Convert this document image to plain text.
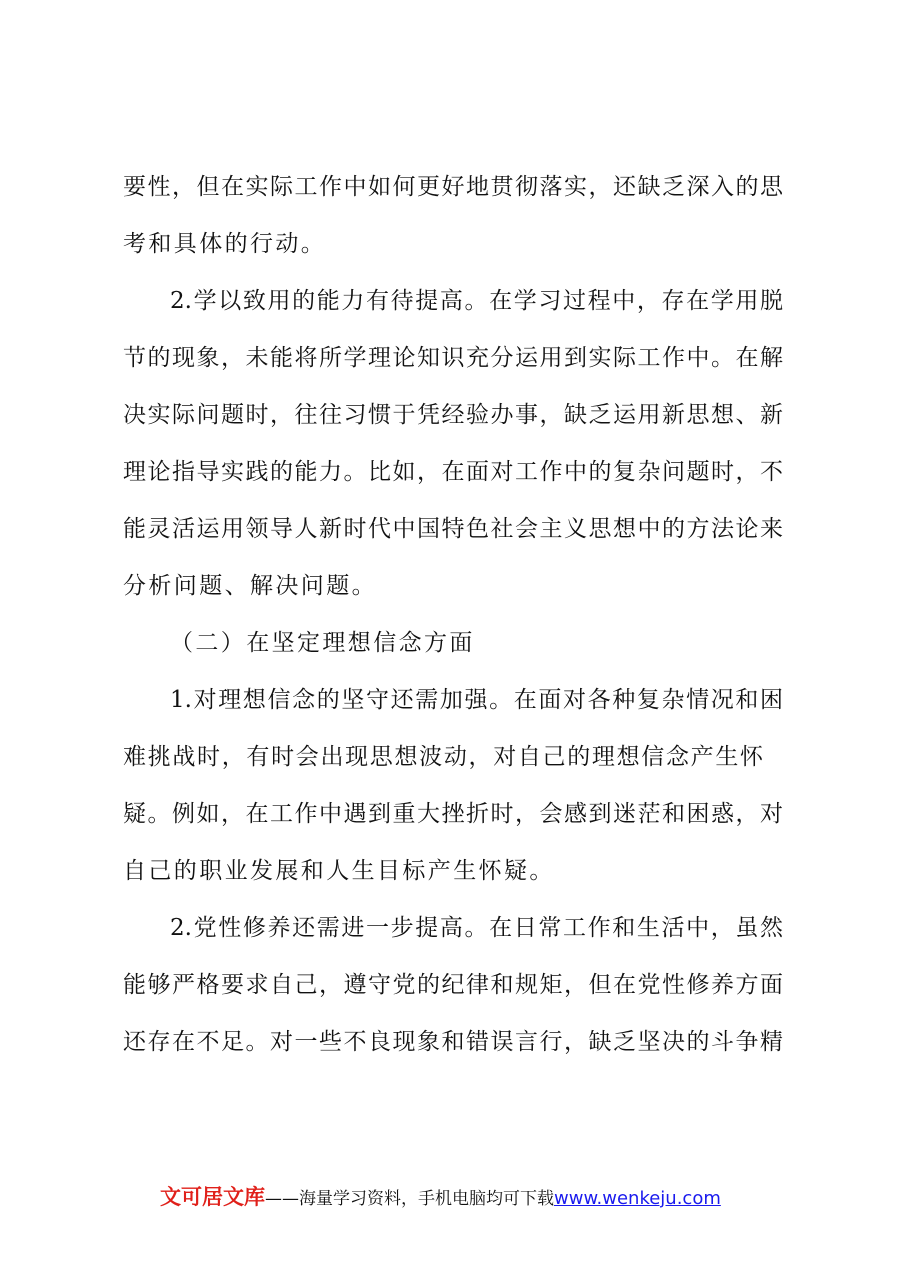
要性，但在实际工作中如何更好地贯彻落实，还缺乏深入的思
考和具体的行动。
2.学以致用的能力有待提高。在学习过程中，存在学用脱
节的现象，未能将所学理论知识充分运用到实际工作中。在解
决实际问题时，往往习惯于凭经验办事，缺乏运用新思想、新
理论指导实践的能力。比如，在面对工作中的复杂问题时，不
能灵活运用领导人新时代中国特色社会主义思想中的方法论来
分析问题、解决问题。
（二）在坚定理想信念方面
1.对理想信念的坚守还需加强。在面对各种复杂情况和困
难挑战时，有时会出现思想波动，对自己的理想信念产生怀
疑。例如，在工作中遇到重大挫折时，会感到迷茫和困惑，对
自己的职业发展和人生目标产生怀疑。
2.党性修养还需进一步提高。在日常工作和生活中，虽然
能够严格要求自己，遵守党的纪律和规矩，但在党性修养方面
还存在不足。对一些不良现象和错误言行，缺乏坚决的斗争精
文可居文库——海量学习资料，手机电脑均可下载www.wenkeju.com
